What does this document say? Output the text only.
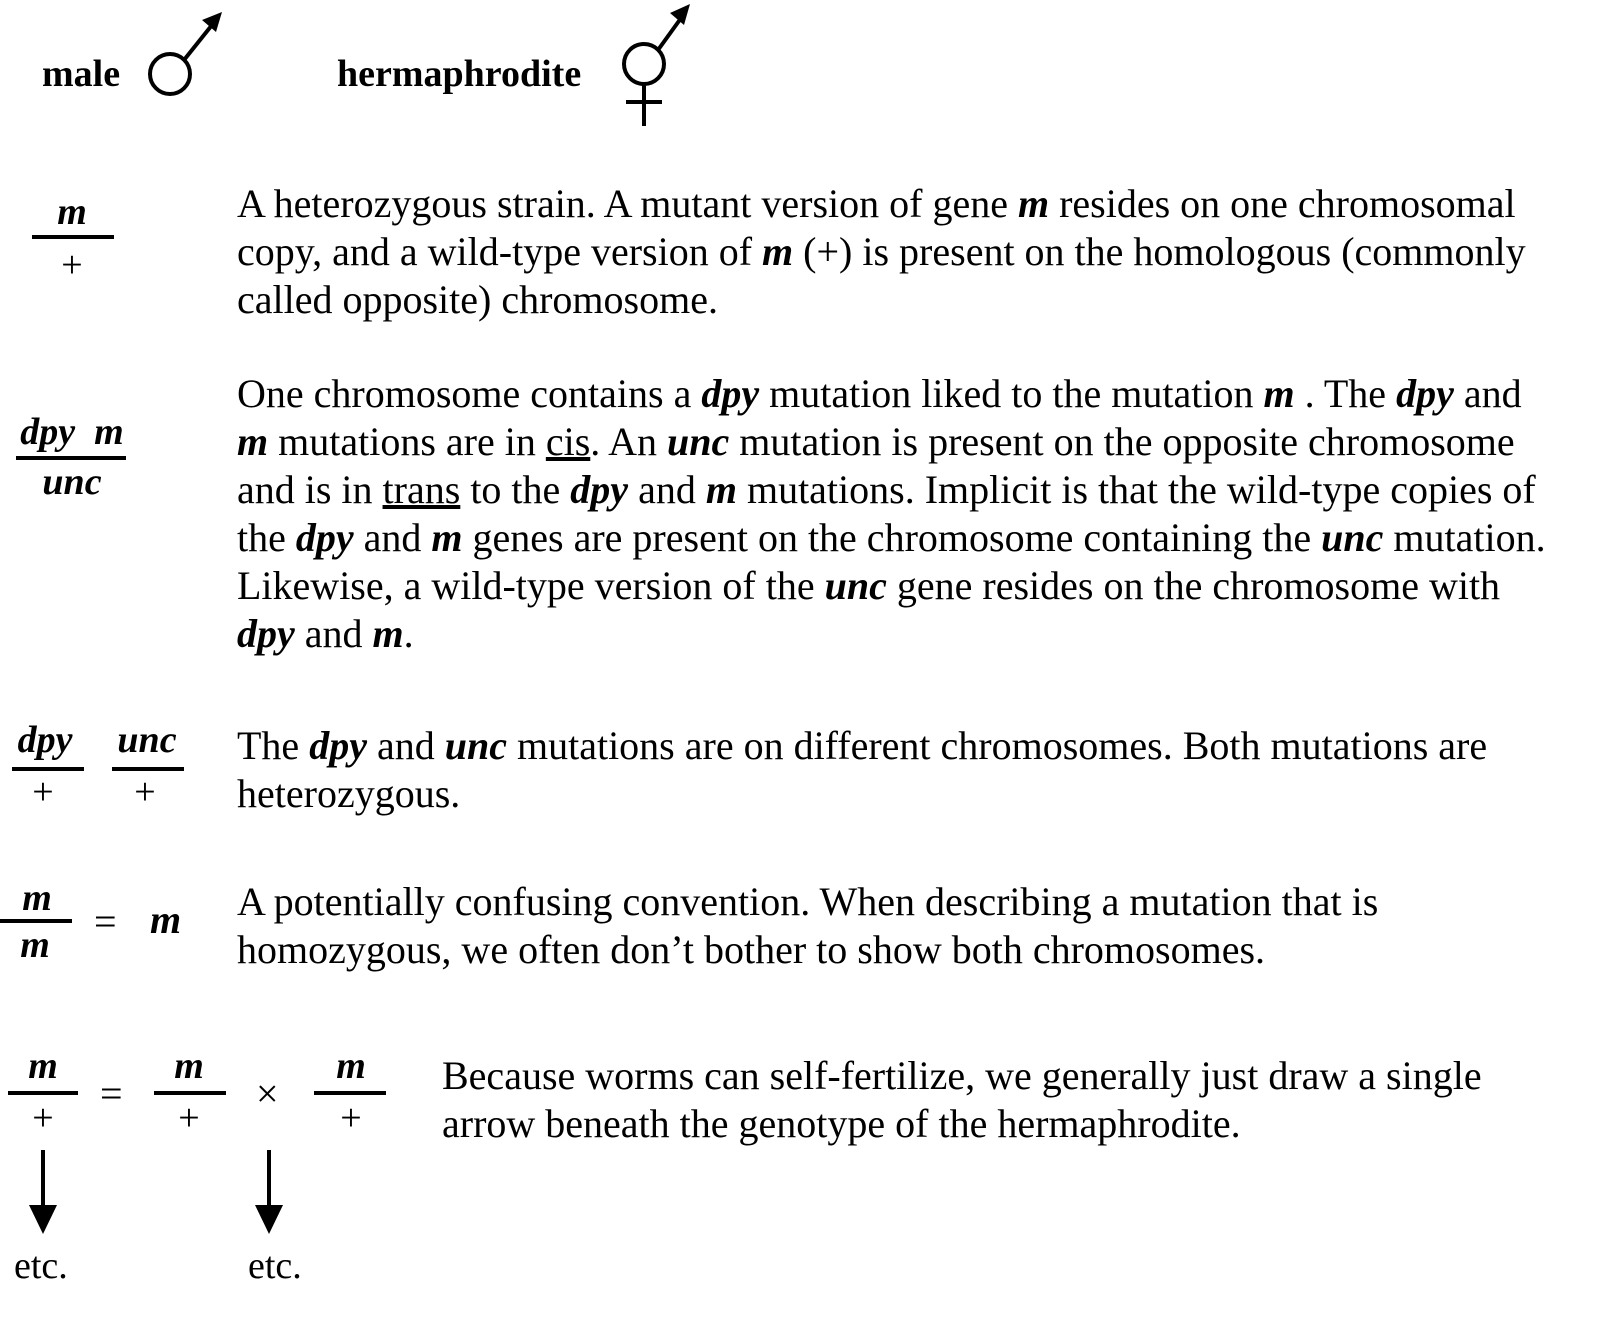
male	hermaphrodite
m
+
A heterozygous strain. A mutant version of gene m resides on one chromosomal
copy, and a wild-type version of m (+) is present on the homologous (commonly
called opposite) chromosome.
dpy  m
unc
One chromosome contains a dpy mutation liked to the mutation m . The dpy and
m mutations are in cis. An unc mutation is present on the opposite chromosome
and is in trans to the dpy and m mutations. Implicit is that the wild-type copies of
the dpy and m genes are present on the chromosome containing the unc mutation.
Likewise, a wild-type version of the unc gene resides on the chromosome with
dpy and m.
dpy
+
unc
+
The dpy and unc mutations are on different chromosomes. Both mutations are
heterozygous.
m
m
= m A potentially confusing convention. When describing a mutation that is
homozygous, we often don’t bother to show both chromosomes.
m
+
=
m
+
×
m
+
etc.	etc.
Because worms can self-fertilize, we generally just draw a single
arrow beneath the genotype of the hermaphrodite.
